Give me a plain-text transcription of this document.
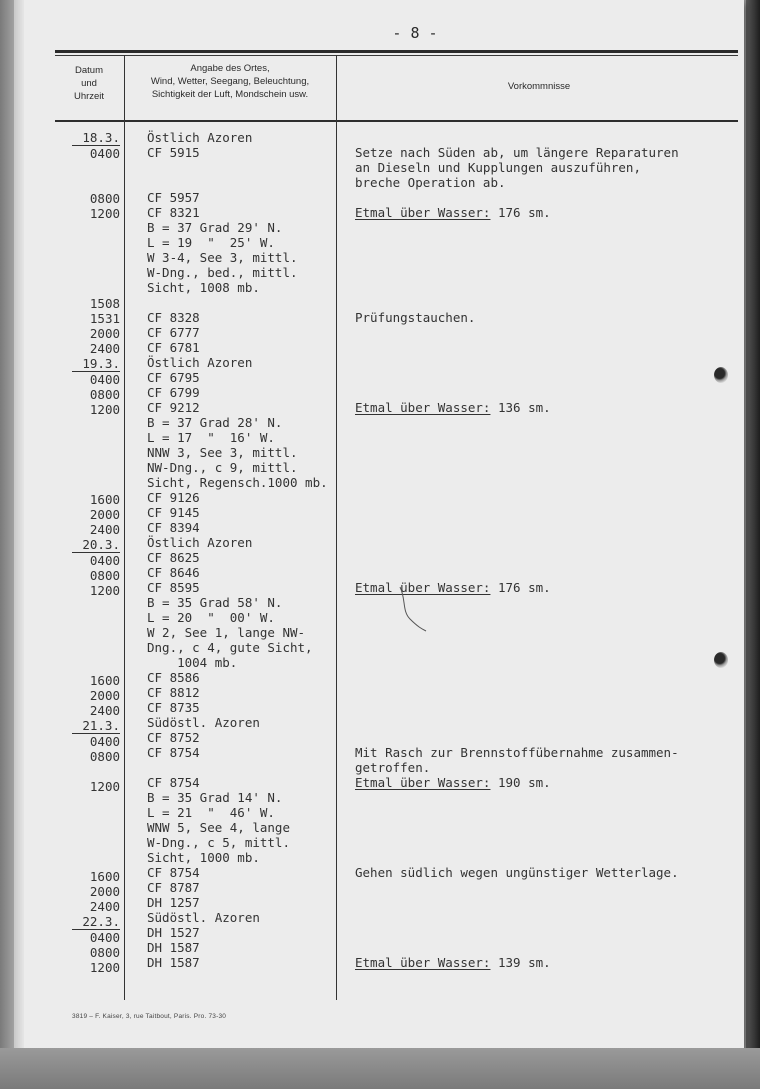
- 8 -
Datum
und
Uhrzeit
Angabe des Ortes,
Wind, Wetter, Seegang, Beleuchtung,
Sichtigkeit der Luft, Mondschein usw.
Vorkommnisse
18.3.
0400
0800
1200
1508
1531
2000
2400
19.3.
0400
0800
1200
1600
2000
2400
20.3.
0400
0800
1200
1600
2000
2400
21.3.
0400
0800
1200
1600
2000
2400
22.3.
0400
0800
1200
Östlich Azoren
CF 5915
CF 5957
CF 8321
B = 37 Grad 29' N.
L = 19  "  25' W.
W 3-4, See 3, mittl.
W-Dng., bed., mittl.
Sicht, 1008 mb.
CF 8328
CF 6777
CF 6781
Östlich Azoren
CF 6795
CF 6799
CF 9212
B = 37 Grad 28' N.
L = 17  "  16' W.
NNW 3, See 3, mittl.
NW-Dng., c 9, mittl.
Sicht, Regensch.1000 mb.
CF 9126
CF 9145
CF 8394
Östlich Azoren
CF 8625
CF 8646
CF 8595
B = 35 Grad 58' N.
L = 20  "  00' W.
W 2, See 1, lange NW-
Dng., c 4, gute Sicht,
1004 mb.
CF 8586
CF 8812
CF 8735
Südöstl. Azoren
CF 8752
CF 8754
CF 8754
B = 35 Grad 14' N.
L = 21  "  46' W.
WNW 5, See 4, lange
W-Dng., c 5, mittl.
Sicht, 1000 mb.
CF 8754
CF 8787
DH 1257
Südöstl. Azoren
DH 1527
DH 1587
DH 1587
Setze nach Süden ab, um längere Reparaturen
an Dieseln und Kupplungen auszuführen,
breche Operation ab.
Etmal über Wasser: 176 sm.
Prüfungstauchen.
Etmal über Wasser: 136 sm.
Etmal über Wasser: 176 sm.
Mit Rasch zur Brennstoffübernahme zusammen-
getroffen.
Etmal über Wasser: 190 sm.
Gehen südlich wegen ungünstiger Wetterlage.
Etmal über Wasser: 139 sm.
3819 – F. Kaiser, 3, rue Taitbout, Paris. Pro. 73-30
